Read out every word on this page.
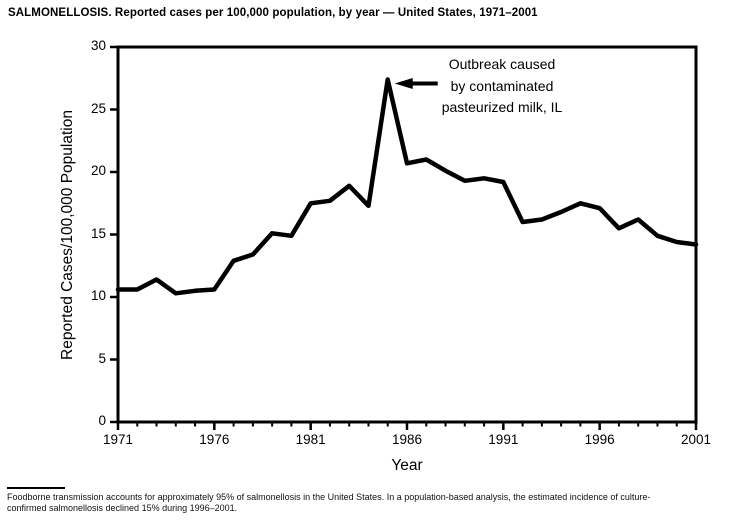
SALMONELLOSIS. Reported cases per 100,000 population, by year — United States, 1971–2001
1971	1976	1981	1986	1991	1996	2001
0
5
10
15
20
25
30
Reported Cases/100,000 Population
Year
Outbreak caused
by contaminated
pasteurized milk, IL
Foodborne transmission accounts for approximately 95% of salmonellosis in the United States. In a population-based analysis, the estimated incidence of culture-
confirmed salmonellosis declined 15% during 1996–2001.
